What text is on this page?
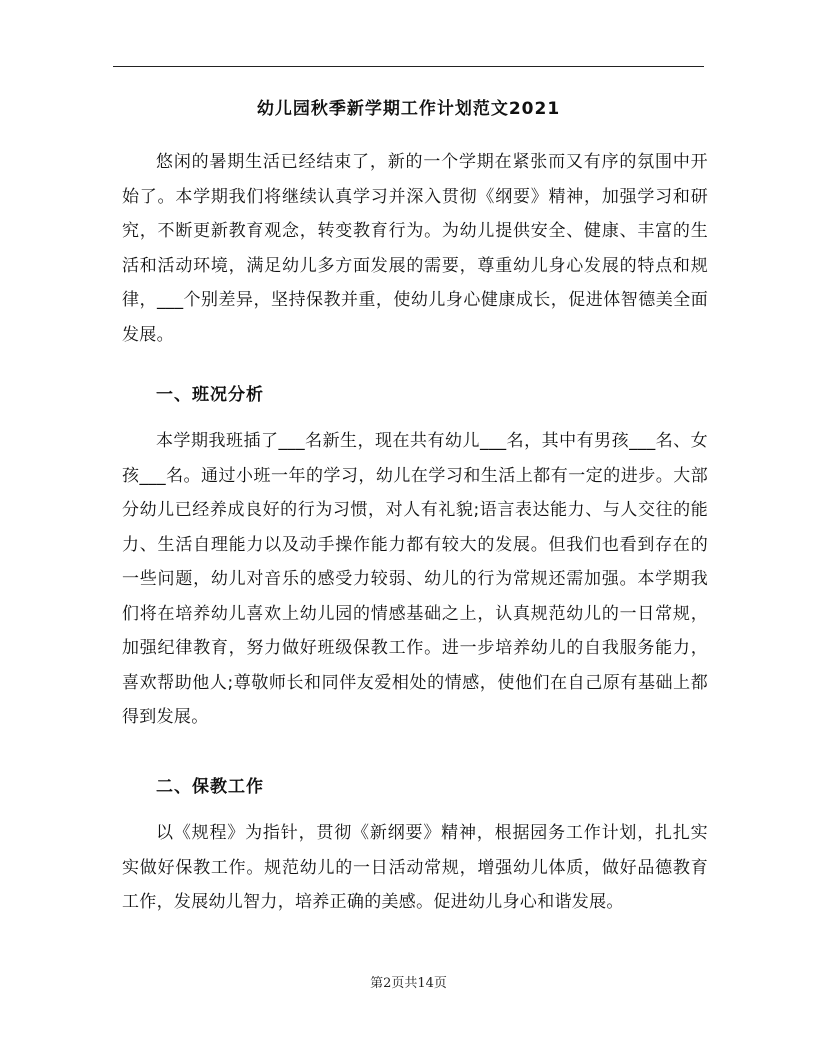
幼儿园秋季新学期工作计划范文2021

悠闲的暑期生活已经结束了，新的一个学期在紧张而又有序的氛围中开始了。本学期我们将继续认真学习并深入贯彻《纲要》精神，加强学习和研究，不断更新教育观念，转变教育行为。为幼儿提供安全、健康、丰富的生活和活动环境，满足幼儿多方面发展的需要，尊重幼儿身心发展的特点和规律，___个别差异，坚持保教并重，使幼儿身心健康成长，促进体智德美全面发展。

一、班况分析

本学期我班插了___名新生，现在共有幼儿___名，其中有男孩___名、女孩___名。通过小班一年的学习，幼儿在学习和生活上都有一定的进步。大部分幼儿已经养成良好的行为习惯，对人有礼貌;语言表达能力、与人交往的能力、生活自理能力以及动手操作能力都有较大的发展。但我们也看到存在的一些问题，幼儿对音乐的感受力较弱、幼儿的行为常规还需加强。本学期我们将在培养幼儿喜欢上幼儿园的情感基础之上，认真规范幼儿的一日常规，加强纪律教育，努力做好班级保教工作。进一步培养幼儿的自我服务能力，喜欢帮助他人;尊敬师长和同伴友爱相处的情感，使他们在自己原有基础上都得到发展。

二、保教工作

以《规程》为指针，贯彻《新纲要》精神，根据园务工作计划，扎扎实实做好保教工作。规范幼儿的一日活动常规，增强幼儿体质，做好品德教育工作，发展幼儿智力，培养正确的美感。促进幼儿身心和谐发展。

第2页共14页
